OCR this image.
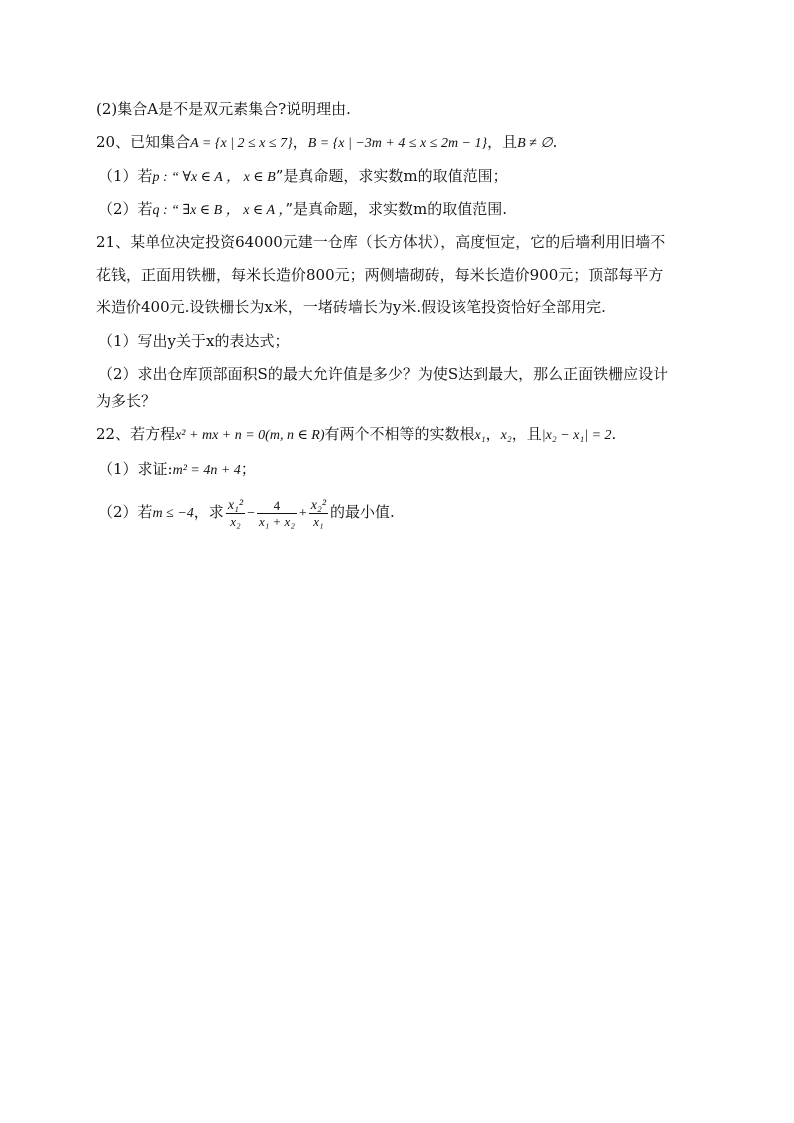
(2)集合A是不是双元素集合?说明理由.
20、已知集合A = {x | 2 ≤ x ≤ 7}，B = {x | −3m + 4 ≤ x ≤ 2m − 1}，且B ≠ ∅.
（1）若p : “ ∀x ∈ A ， x ∈ B”是真命题，求实数m的取值范围；
（2）若q : “ ∃x ∈ B ， x ∈ A ，”是真命题，求实数m的取值范围.
21、某单位决定投资64000元建一仓库（长方体状），高度恒定，它的后墙利用旧墙不
花钱，正面用铁栅，每米长造价800元；两侧墙砌砖，每米长造价900元；顶部每平方
米造价400元.设铁栅长为x米，一堵砖墙长为y米.假设该笔投资恰好全部用完.
（1）写出y关于x的表达式；
（2）求出仓库顶部面积S的最大允许值是多少？为使S达到最大，那么正面铁栅应设计
为多长？
22、若方程x² + mx + n = 0(m, n ∈ R)有两个不相等的实数根x₁，x₂，且|x₂ − x₁| = 2.
（1）求证:m² = 4n + 4；
（2）若m ≤ −4，求 $\frac{\text{x₁²}}{\text{x₂}} - \frac{4}{\text{x₁ + x₂}} + \frac{\text{x₂²}}{\text{x₁}}$ 的最小值.
